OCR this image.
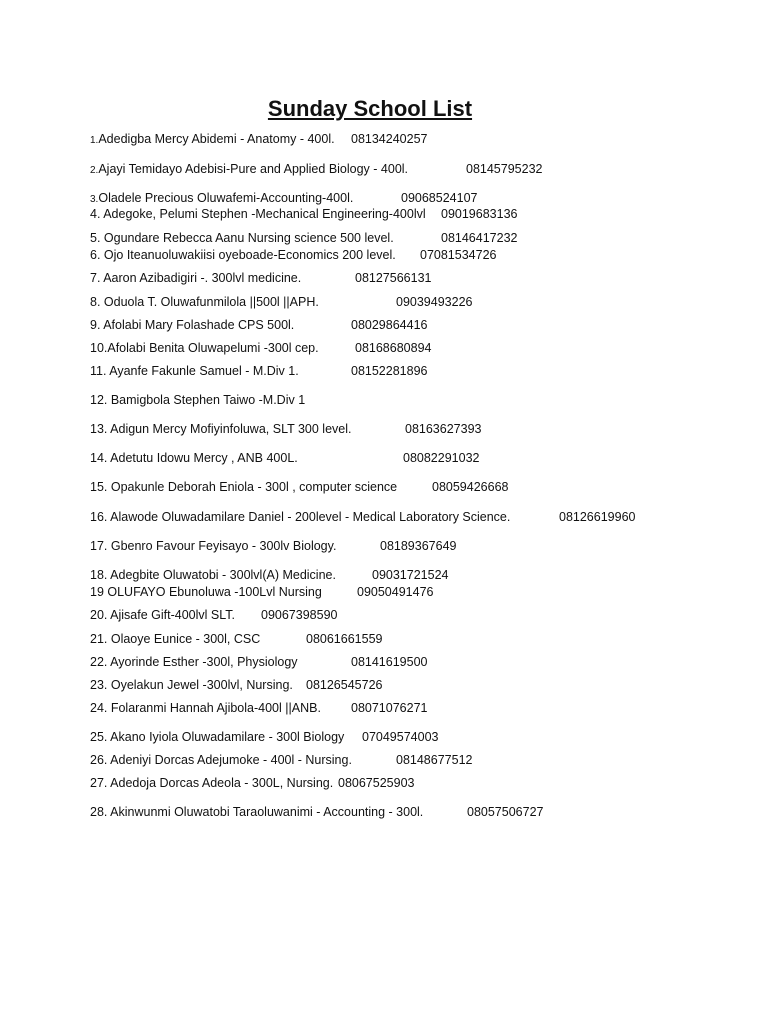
Sunday School List
1.Adedigba Mercy Abidemi - Anatomy - 400l. 08134240257
2.Ajayi Temidayo Adebisi-Pure and Applied Biology - 400l.	08145795232
3.Oladele Precious Oluwafemi-Accounting-400l.	09068524107
4. Adegoke, Pelumi Stephen -Mechanical Engineering-400lvl 09019683136
5. Ogundare Rebecca Aanu Nursing science 500 level.	08146417232
6. Ojo Iteanuoluwakiisi oyeboade-Economics 200 level. 07081534726
7. Aaron Azibadigiri -. 300lvl medicine.	08127566131
8. Oduola T. Oluwafunmilola ||500l ||APH.	09039493226
9. Afolabi Mary Folashade CPS 500l.	08029864416
10.Afolabi Benita Oluwapelumi -300l cep.	08168680894
11. Ayanfe Fakunle Samuel - M.Div 1.	08152281896
12. Bamigbola Stephen Taiwo -M.Div 1
13. Adigun Mercy Mofiyinfoluwa, SLT 300 level.	08163627393
14. Adetutu Idowu Mercy , ANB 400L.	08082291032
15. Opakunle Deborah Eniola - 300l , computer science	08059426668
16. Alawode Oluwadamilare Daniel - 200level - Medical Laboratory Science.	08126619960
17. Gbenro Favour Feyisayo - 300lv Biology.	08189367649
18. Adegbite Oluwatobi - 300lvl(A) Medicine.	09031721524
19 OLUFAYO Ebunoluwa -100Lvl Nursing	09050491476
20. Ajisafe Gift-400lvl SLT. 09067398590
21. Olaoye Eunice - 300l, CSC	08061661559
22. Ayorinde Esther -300l, Physiology	08141619500
23. Oyelakun Jewel -300lvl, Nursing. 08126545726
24. Folaranmi Hannah Ajibola-400l ||ANB. 08071076271
25. Akano Iyiola Oluwadamilare - 300l Biology 07049574003
26. Adeniyi Dorcas Adejumoke - 400l - Nursing.	08148677512
27. Adedoja Dorcas Adeola - 300L, Nursing. 08067525903
28. Akinwunmi Oluwatobi Taraoluwanimi - Accounting - 300l.	08057506727
